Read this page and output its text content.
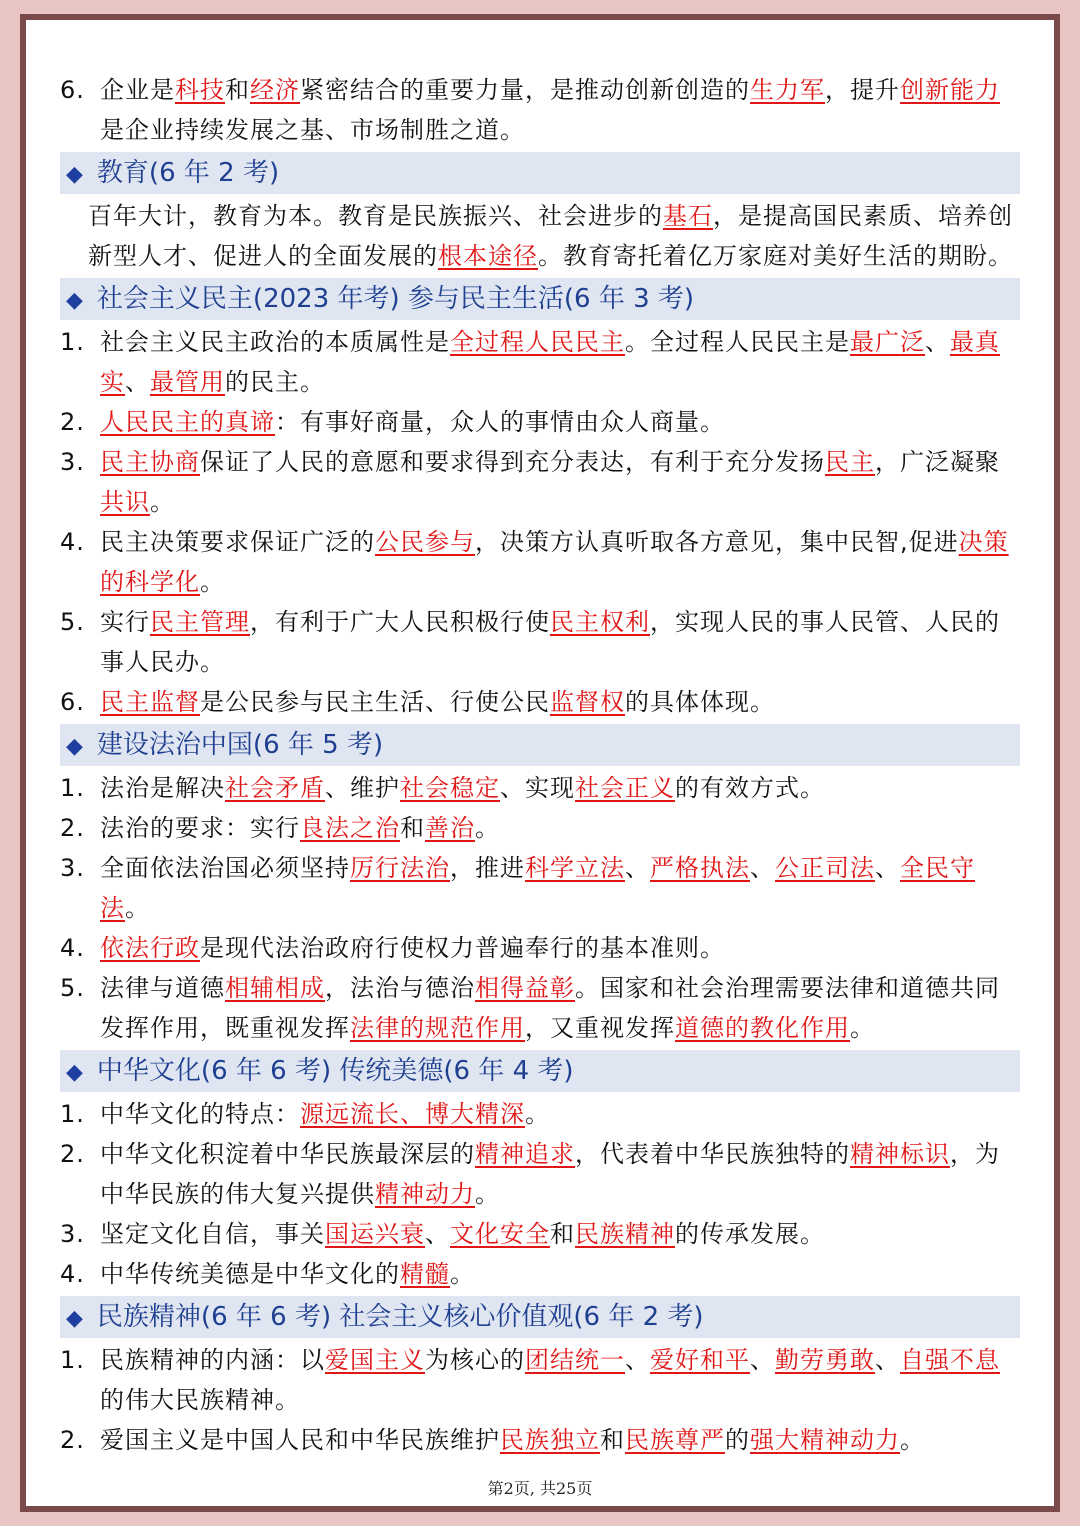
6. 企业是科技和经济紧密结合的重要力量，是推动创新创造的生力军，提升创新能力是企业持续发展之基、市场制胜之道。
◆ 教育(6 年 2 考)
百年大计，教育为本。教育是民族振兴、社会进步的基石，是提高国民素质、培养创新型人才、促进人的全面发展的根本途径。教育寄托着亿万家庭对美好生活的期盼。
◆ 社会主义民主(2023 年考) 参与民主生活(6 年 3 考)
1. 社会主义民主政治的本质属性是全过程人民民主。全过程人民民主是最广泛、最真实、最管用的民主。
2. 人民民主的真谛：有事好商量，众人的事情由众人商量。
3. 民主协商保证了人民的意愿和要求得到充分表达，有利于充分发扬民主，广泛凝聚共识。
4. 民主决策要求保证广泛的公民参与，决策方认真听取各方意见，集中民智,促进决策的科学化。
5. 实行民主管理，有利于广大人民积极行使民主权利，实现人民的事人民管、人民的事人民办。
6. 民主监督是公民参与民主生活、行使公民监督权的具体体现。
◆ 建设法治中国(6 年 5 考)
1. 法治是解决社会矛盾、维护社会稳定、实现社会正义的有效方式。
2. 法治的要求：实行良法之治和善治。
3. 全面依法治国必须坚持厉行法治，推进科学立法、严格执法、公正司法、全民守法。
4. 依法行政是现代法治政府行使权力普遍奉行的基本准则。
5. 法律与道德相辅相成，法治与德治相得益彰。国家和社会治理需要法律和道德共同发挥作用，既重视发挥法律的规范作用，又重视发挥道德的教化作用。
◆ 中华文化(6 年 6 考) 传统美德(6 年 4 考)
1. 中华文化的特点：源远流长、博大精深。
2. 中华文化积淀着中华民族最深层的精神追求，代表着中华民族独特的精神标识，为中华民族的伟大复兴提供精神动力。
3. 坚定文化自信，事关国运兴衰、文化安全和民族精神的传承发展。
4. 中华传统美德是中华文化的精髓。
◆ 民族精神(6 年 6 考) 社会主义核心价值观(6 年 2 考)
1. 民族精神的内涵：以爱国主义为核心的团结统一、爱好和平、勤劳勇敢、自强不息的伟大民族精神。
2. 爱国主义是中国人民和中华民族维护民族独立和民族尊严的强大精神动力。
第2页, 共25页
